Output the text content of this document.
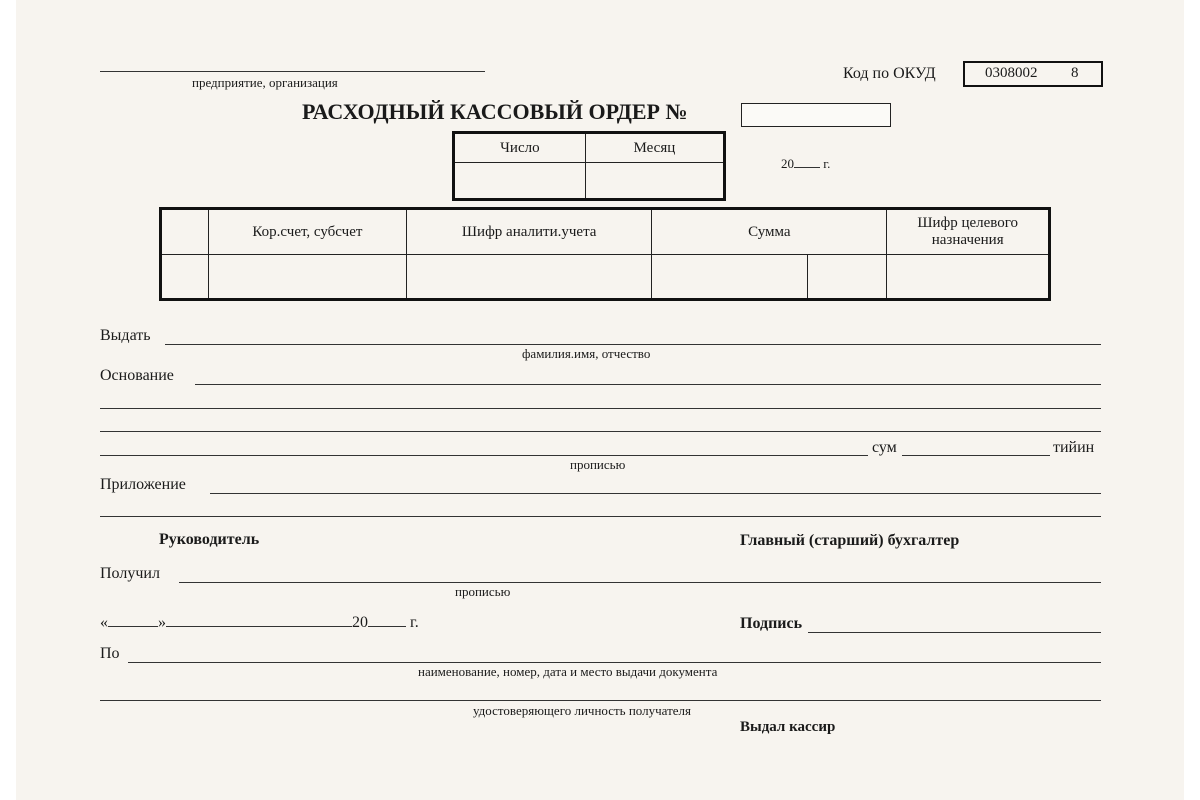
предприятие, организация
Код по ОКУД	0308002 8
РАСХОДНЫЙ КАССОВЫЙ ОРДЕР №
Число	Месяц

20 г.
	Кор.счет, субсчет	Шифр аналити.учета	Сумма		Шифр целевого назначения

Выдать
фамилия.имя, отчество
Основание
сум	тийин
прописью
Приложение
Руководитель	Главный (старший) бухгалтер
Получил
прописью
«	»	20	г.	Подпись
По
наименование, номер, дата и место выдачи документа
удостоверяющего личность получателя
Выдал кассир
